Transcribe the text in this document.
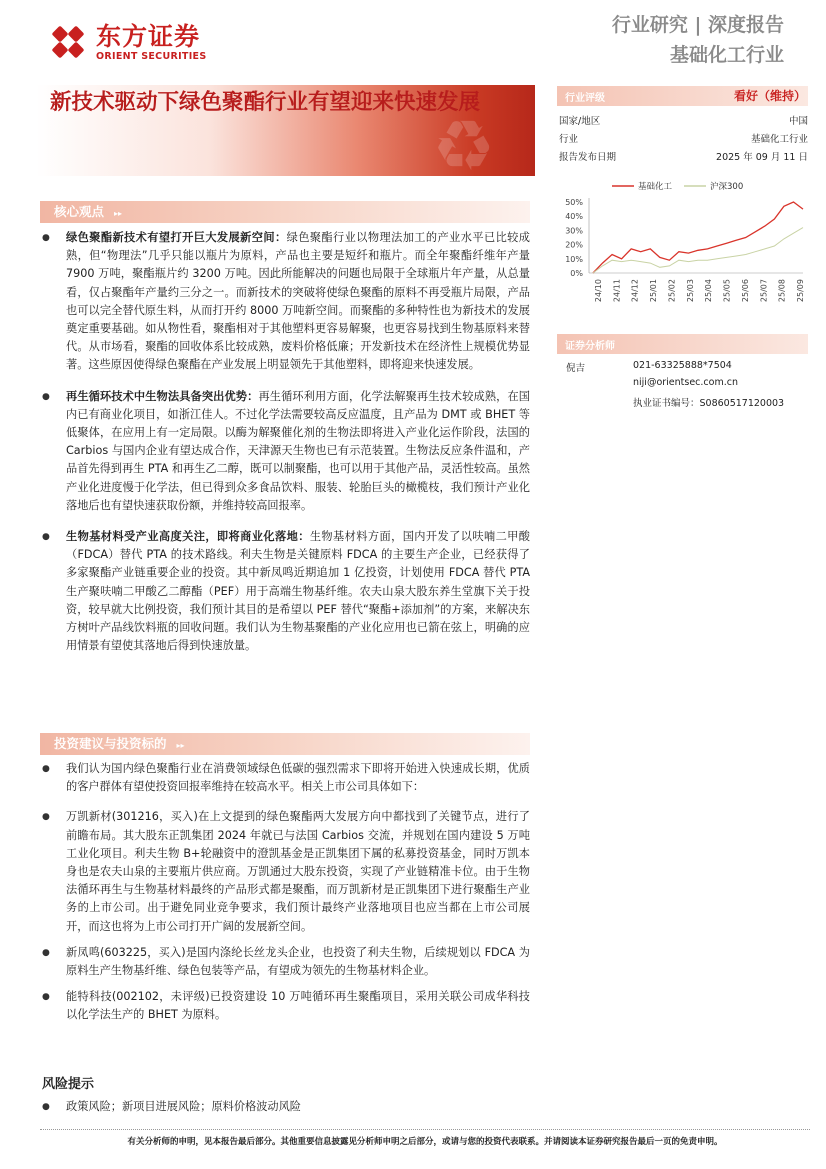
东方证券
ORIENT SECURITIES
行业研究 | 深度报告
基础化工行业
♻
新技术驱动下绿色聚酯行业有望迎来快速发展	行业评级	看好（维持）
国家/地区	中国
行业	基础化工行业
报告发布日期	2025 年 09 月 11 日
基础化工	沪深300
50%
40%
30%
20%
10%
0%
24/10 24/11 24/12 25/01 25/02 25/03 25/04 25/05 25/06 25/07 25/08 25/09
证券分析师
倪吉	021-63325888*7504
niji@orientsec.com.cn
执业证书编号：S0860517120003
核心观点 ▸▸
● 绿色聚酯新技术有望打开巨大发展新空间：绿色聚酯行业以物理法加工的产业水平已比较成熟，但“物理法”几乎只能以瓶片为原料，产品也主要是短纤和瓶片。而全年聚酯纤维年产量 7900 万吨，聚酯瓶片约 3200 万吨。因此所能解决的问题也局限于全球瓶片年产量，从总量看，仅占聚酯年产量约三分之一。而新技术的突破将使绿色聚酯的原料不再受瓶片局限，产品也可以完全替代原生料，从而打开约 8000 万吨新空间。而聚酯的多种特性也为新技术的发展奠定重要基础。如从物性看，聚酯相对于其他塑料更容易解聚，也更容易找到生物基原料来替代。从市场看，聚酯的回收体系比较成熟，废料价格低廉；开发新技术在经济性上规模优势显著。这些原因使得绿色聚酯在产业发展上明显领先于其他塑料，即将迎来快速发展。
● 再生循环技术中生物法具备突出优势：再生循环利用方面，化学法解聚再生技术较成熟，在国内已有商业化项目，如浙江佳人。不过化学法需要较高反应温度，且产品为 DMT 或 BHET 等低聚体，在应用上有一定局限。以酶为解聚催化剂的生物法即将进入产业化运作阶段，法国的 Carbios 与国内企业有望达成合作，天津源天生物也已有示范装置。生物法反应条件温和，产品首先得到再生 PTA 和再生乙二醇，既可以制聚酯，也可以用于其他产品，灵活性较高。虽然产业化进度慢于化学法，但已得到众多食品饮料、服装、轮胎巨头的橄榄枝，我们预计产业化落地后也有望快速获取份额，并维持较高回报率。
● 生物基材料受产业高度关注，即将商业化落地：生物基材料方面，国内开发了以呋喃二甲酸（FDCA）替代 PTA 的技术路线。利夫生物是关键原料 FDCA 的主要生产企业，已经获得了多家聚酯产业链重要企业的投资。其中新凤鸣近期追加 1 亿投资，计划使用 FDCA 替代 PTA 生产聚呋喃二甲酸乙二醇酯（PEF）用于高端生物基纤维。农夫山泉大股东养生堂旗下关于投资，较早就大比例投资，我们预计其目的是希望以 PEF 替代“聚酯+添加剂”的方案，来解决东方树叶产品线饮料瓶的回收问题。我们认为生物基聚酯的产业化应用也已箭在弦上，明确的应用情景有望使其落地后得到快速放量。
投资建议与投资标的 ▸▸
● 我们认为国内绿色聚酯行业在消费领域绿色低碳的强烈需求下即将开始进入快速成长期，优质的客户群体有望使投资回报率维持在较高水平。相关上市公司具体如下：
● 万凯新材(301216，买入)在上文提到的绿色聚酯两大发展方向中都找到了关键节点，进行了前瞻布局。其大股东正凯集团 2024 年就已与法国 Carbios 交流，并规划在国内建设 5 万吨工业化项目。利夫生物 B+轮融资中的澄凯基金是正凯集团下属的私募投资基金，同时万凯本身也是农夫山泉的主要瓶片供应商。万凯通过大股东投资，实现了产业链精准卡位。由于生物法循环再生与生物基材料最终的产品形式都是聚酯，而万凯新材是正凯集团下进行聚酯生产业务的上市公司。出于避免同业竞争要求，我们预计最终产业落地项目也应当都在上市公司展开，而这也将为上市公司打开广阔的发展新空间。
● 新凤鸣(603225，买入)是国内涤纶长丝龙头企业，也投资了利夫生物，后续规划以 FDCA 为原料生产生物基纤维、绿色包装等产品，有望成为领先的生物基材料企业。
● 能特科技(002102，未评级)已投资建设 10 万吨循环再生聚酯项目，采用关联公司成华科技以化学法生产的 BHET 为原料。
风险提示
● 政策风险；新项目进展风险；原料价格波动风险
有关分析师的申明，见本报告最后部分。其他重要信息披露见分析师申明之后部分，或请与您的投资代表联系。并请阅读本证券研究报告最后一页的免责申明。
